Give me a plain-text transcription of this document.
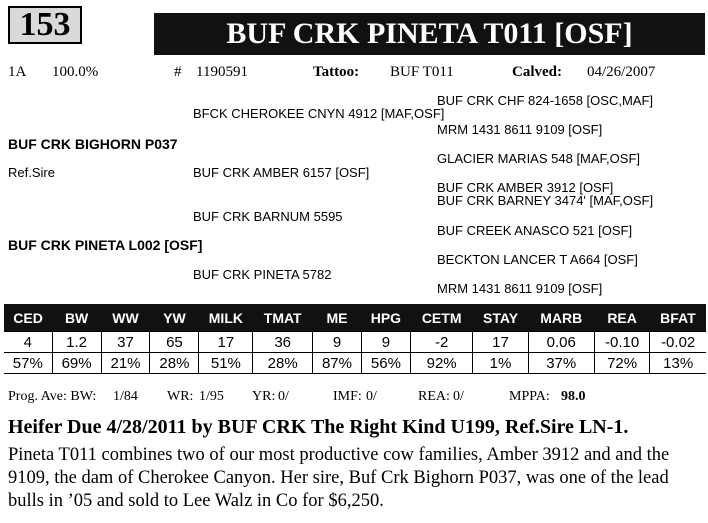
153	BUF CRK PINETA T011 [OSF]
1A 100.0%	# 1190591	Tattoo: BUF T011	Calved: 04/26/2007
BUF CRK CHF 824-1658 [OSC,MAF]
BFCK CHEROKEE CNYN 4912 [MAF,OSF]
MRM 1431 8611 9109 [OSF]
BUF CRK BIGHORN P037
GLACIER MARIAS 548 [MAF,OSF]
Ref.Sire	BUF CRK AMBER 6157 [OSF]
BUF CRK AMBER 3912 [OSF]
BUF CRK BARNEY 3474' [MAF,OSF]
BUF CRK BARNUM 5595
BUF CREEK ANASCO 521 [OSF]
BUF CRK PINETA L002 [OSF]
BECKTON LANCER T A664 [OSF]
BUF CRK PINETA 5782
MRM 1431 8611 9109 [OSF]
CED	BW	WW	YW	MILK	TMAT	ME	HPG	CETM	STAY	MARB	REA	BFAT
4	1.2	37	65	17	36	9	9	-2	17	0.06	-0.10	-0.02
57%	69%	21%	28%	51%	28%	87%	56%	92%	1%	37%	72%	13%
Prog. Ave: BW: 1/84 WR: 1/95 YR: 0/	IMF: 0/	REA: 0/	MPPA: 98.0
Heifer Due 4/28/2011 by BUF CRK The Right Kind U199, Ref.Sire LN-1.
Pineta T011 combines two of our most productive cow families, Amber 3912 and and the 9109, the dam of Cherokee Canyon. Her sire, Buf Crk Bighorn P037, was one of the lead bulls in ’05 and sold to Lee Walz in Co for $6,250.
